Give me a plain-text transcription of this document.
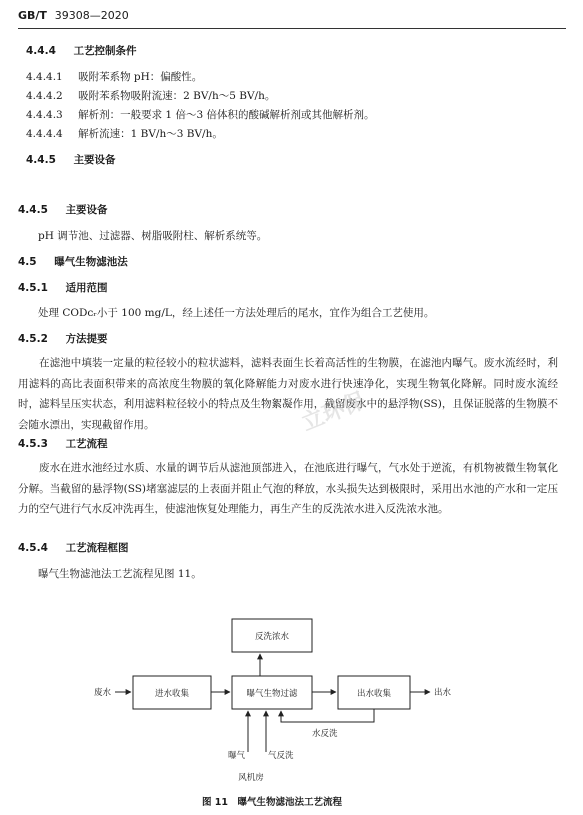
GB/T 39308—2020
4.4.4 工艺控制条件
4.4.4.1 吸附苯系物 pH：偏酸性。
4.4.4.2 吸附苯系物吸附流速：2 BV/h～5 BV/h。
4.4.4.3 解析剂：一般要求 1 倍～3 倍体积的酸碱解析剂或其他解析剂。
4.4.4.4 解析流速：1 BV/h～3 BV/h。
4.4.5 主要设备
4.4.5 主要设备
pH 调节池、过滤器、树脂吸附柱、解析系统等。
4.5 曝气生物滤池法
4.5.1 适用范围
处理 CODᴄᵣ小于 100 mg/L，经上述任一方法处理后的尾水，宜作为组合工艺使用。
4.5.2 方法提要
在滤池中填装一定量的粒径较小的粒状滤料，滤料表面生长着高活性的生物膜，在滤池内曝气。废水流经时，利用滤料的高比表面积带来的高浓度生物膜的氧化降解能力对废水进行快速净化，实现生物氧化降解。同时废水流经时，滤料呈压实状态，利用滤料粒径较小的特点及生物絮凝作用，截留废水中的悬浮物(SS)，且保证脱落的生物膜不会随水漂出，实现截留作用。
4.5.3 工艺流程
废水在进水池经过水质、水量的调节后从滤池顶部进入，在池底进行曝气，气水处于逆流，有机物被微生物氧化分解。当截留的悬浮物(SS)堵塞滤层的上表面并阻止气泡的释放，水头损失达到极限时，采用出水池的产水和一定压力的空气进行气水反冲洗再生，使滤池恢复处理能力，再生产生的反洗浓水进入反洗浓水池。
4.5.4 工艺流程框图
曝气生物滤池法工艺流程见图 11。
立环保
反洗浓水
进水收集	曝气生物过滤	出水收集
废水	出水
水反洗
曝气	气反洗
风机房
图 11　曝气生物滤池法工艺流程
